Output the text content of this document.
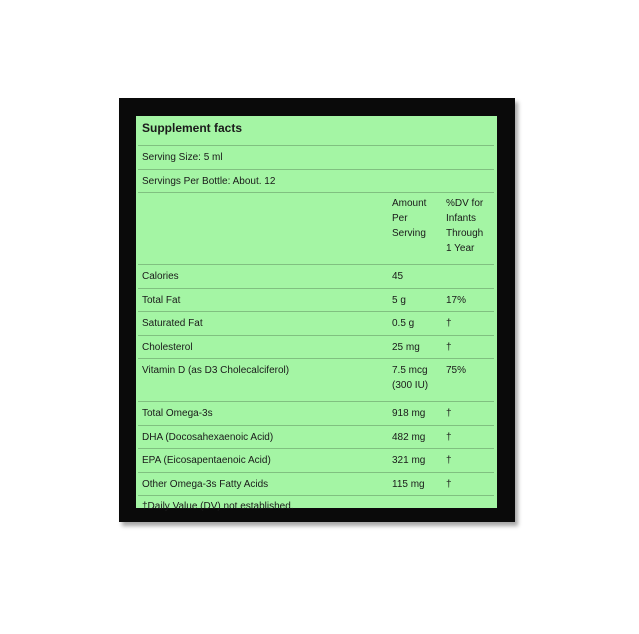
Supplement facts		
Serving Size: 5 ml		
Servings Per Bottle: About. 12		
	Amount Per Serving	%DV for Infants Through 1 Year
Calories	45	
Total Fat	5 g	17%
Saturated Fat	0.5 g	†
Cholesterol	25 mg	†
Vitamin D (as D3 Cholecalciferol)	7.5 mcg (300 IU)	75%
Total Omega-3s	918 mg	†
DHA (Docosahexaenoic Acid)	482 mg	†
EPA (Eicosapentaenoic Acid)	321 mg	†
Other Omega-3s Fatty Acids	115 mg	†
†Daily Value (DV) not established.		
